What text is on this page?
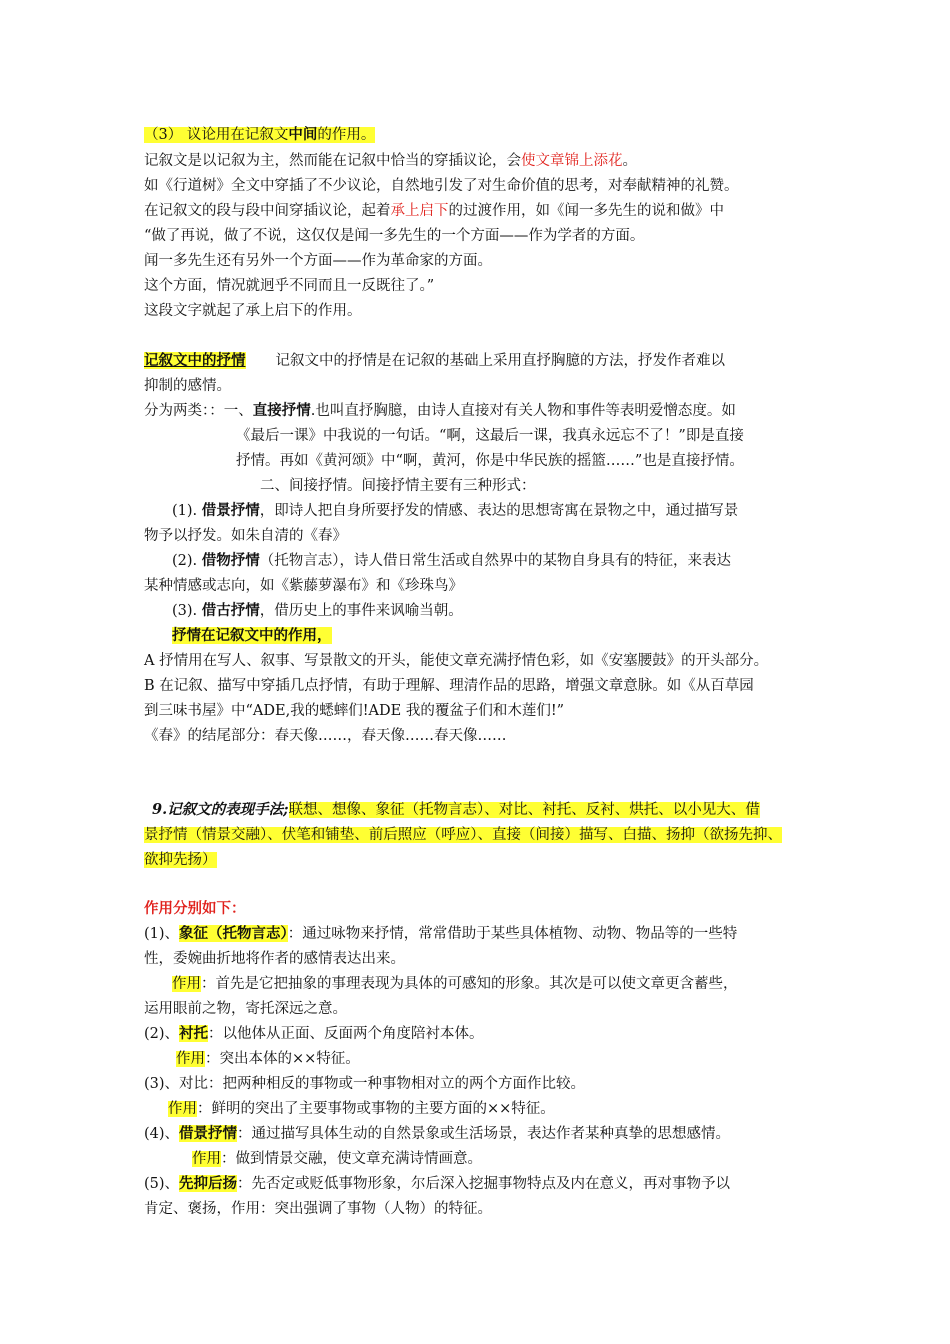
（3） 议论用在记叙文中间的作用。
记叙文是以记叙为主，然而能在记叙中恰当的穿插议论，会使文章锦上添花。
如《行道树》全文中穿插了不少议论，自然地引发了对生命价值的思考，对奉献精神的礼赞。
在记叙文的段与段中间穿插议论，起着承上启下的过渡作用，如《闻一多先生的说和做》中
“做了再说，做了不说，这仅仅是闻一多先生的一个方面——作为学者的方面。
闻一多先生还有另外一个方面——作为革命家的方面。
这个方面，情况就迥乎不同而且一反既往了。”
这段文字就起了承上启下的作用。
记叙文中的抒情 记叙文中的抒情是在记叙的基础上采用直抒胸臆的方法，抒发作者难以
抑制的感情。
分为两类：：一、直接抒情.也叫直抒胸臆，由诗人直接对有关人物和事件等表明爱憎态度。如
《最后一课》中我说的一句话。“啊，这最后一课，我真永远忘不了！”即是直接
抒情。再如《黄河颂》中“啊，黄河，你是中华民族的摇篮……”也是直接抒情。
二、间接抒情。间接抒情主要有三种形式：
(1). 借景抒情，即诗人把自身所要抒发的情感、表达的思想寄寓在景物之中，通过描写景
物予以抒发。如朱自清的《春》
(2). 借物抒情（托物言志），诗人借日常生活或自然界中的某物自身具有的特征，来表达
某种情感或志向，如《紫藤萝瀑布》和《珍珠鸟》
(3). 借古抒情，借历史上的事件来讽喻当朝。
抒情在记叙文中的作用，
A 抒情用在写人、叙事、写景散文的开头，能使文章充满抒情色彩，如《安塞腰鼓》的开头部分。
B 在记叙、描写中穿插几点抒情，有助于理解、理清作品的思路，增强文章意脉。如《从百草园
到三味书屋》中“ADE,我的蟋蟀们!ADE 我的覆盆子们和木莲们!”
《春》的结尾部分：春天像……，春天像……春天像……
9.记叙文的表现手法;联想、想像、象征（托物言志）、对比、衬托、反衬、烘托、以小见大、借
景抒情（情景交融）、伏笔和铺垫、前后照应（呼应）、直接（间接）描写、白描、扬抑（欲扬先抑、
欲抑先扬）
作用分别如下：
(1)、象征（托物言志）：通过咏物来抒情，常常借助于某些具体植物、动物、物品等的一些特
性，委婉曲折地将作者的感情表达出来。
作用：首先是它把抽象的事理表现为具体的可感知的形象。其次是可以使文章更含蓄些，
运用眼前之物，寄托深远之意。
(2)、衬托：以他体从正面、反面两个角度陪衬本体。
作用：突出本体的××特征。
(3)、对比：把两种相反的事物或一种事物相对立的两个方面作比较。
作用：鲜明的突出了主要事物或事物的主要方面的××特征。
(4)、借景抒情：通过描写具体生动的自然景象或生活场景，表达作者某种真挚的思想感情。
作用：做到情景交融，使文章充满诗情画意。
(5)、先抑后扬：先否定或贬低事物形象，尔后深入挖掘事物特点及内在意义，再对事物予以
肯定、褒扬，作用：突出强调了事物（人物）的特征。
